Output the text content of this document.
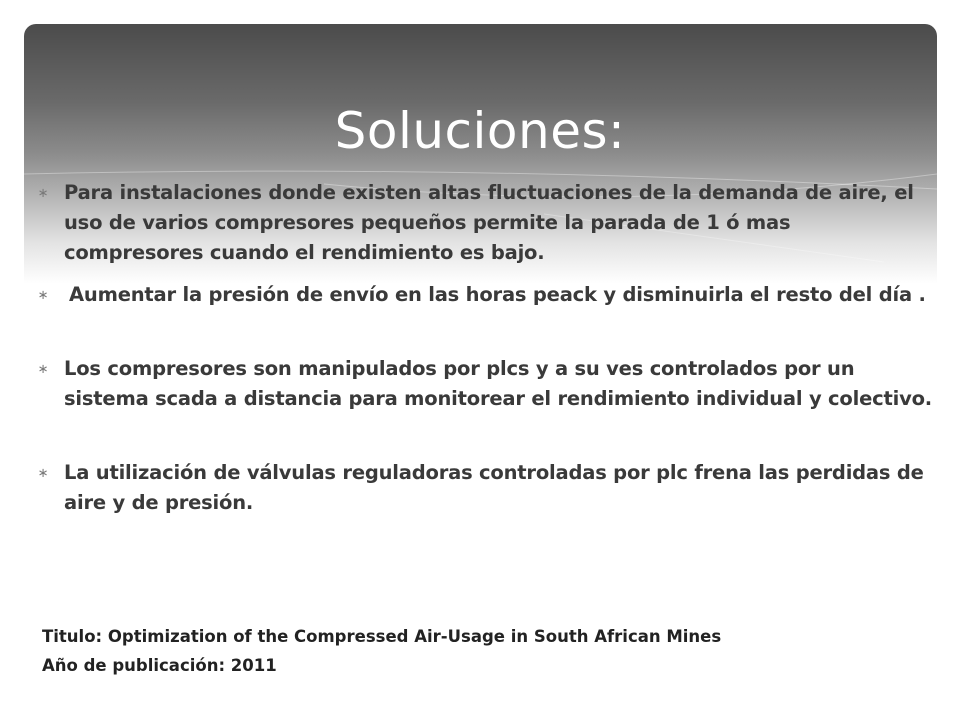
Soluciones:
∗ Para instalaciones donde existen altas fluctuaciones de la demanda de aire, el uso de varios compresores pequeños permite la parada de 1 ó mas compresores cuando el rendimiento es bajo.
∗ Aumentar la presión de envío en las horas peack y disminuirla el resto del día .
∗ Los compresores son manipulados por plcs y a su ves controlados por un sistema scada a distancia para monitorear el rendimiento individual y colectivo.
∗ La utilización de válvulas reguladoras controladas por plc frena las perdidas de aire y de presión.
Titulo: Optimization of the Compressed Air-Usage in South African Mines
Año de publicación: 2011
